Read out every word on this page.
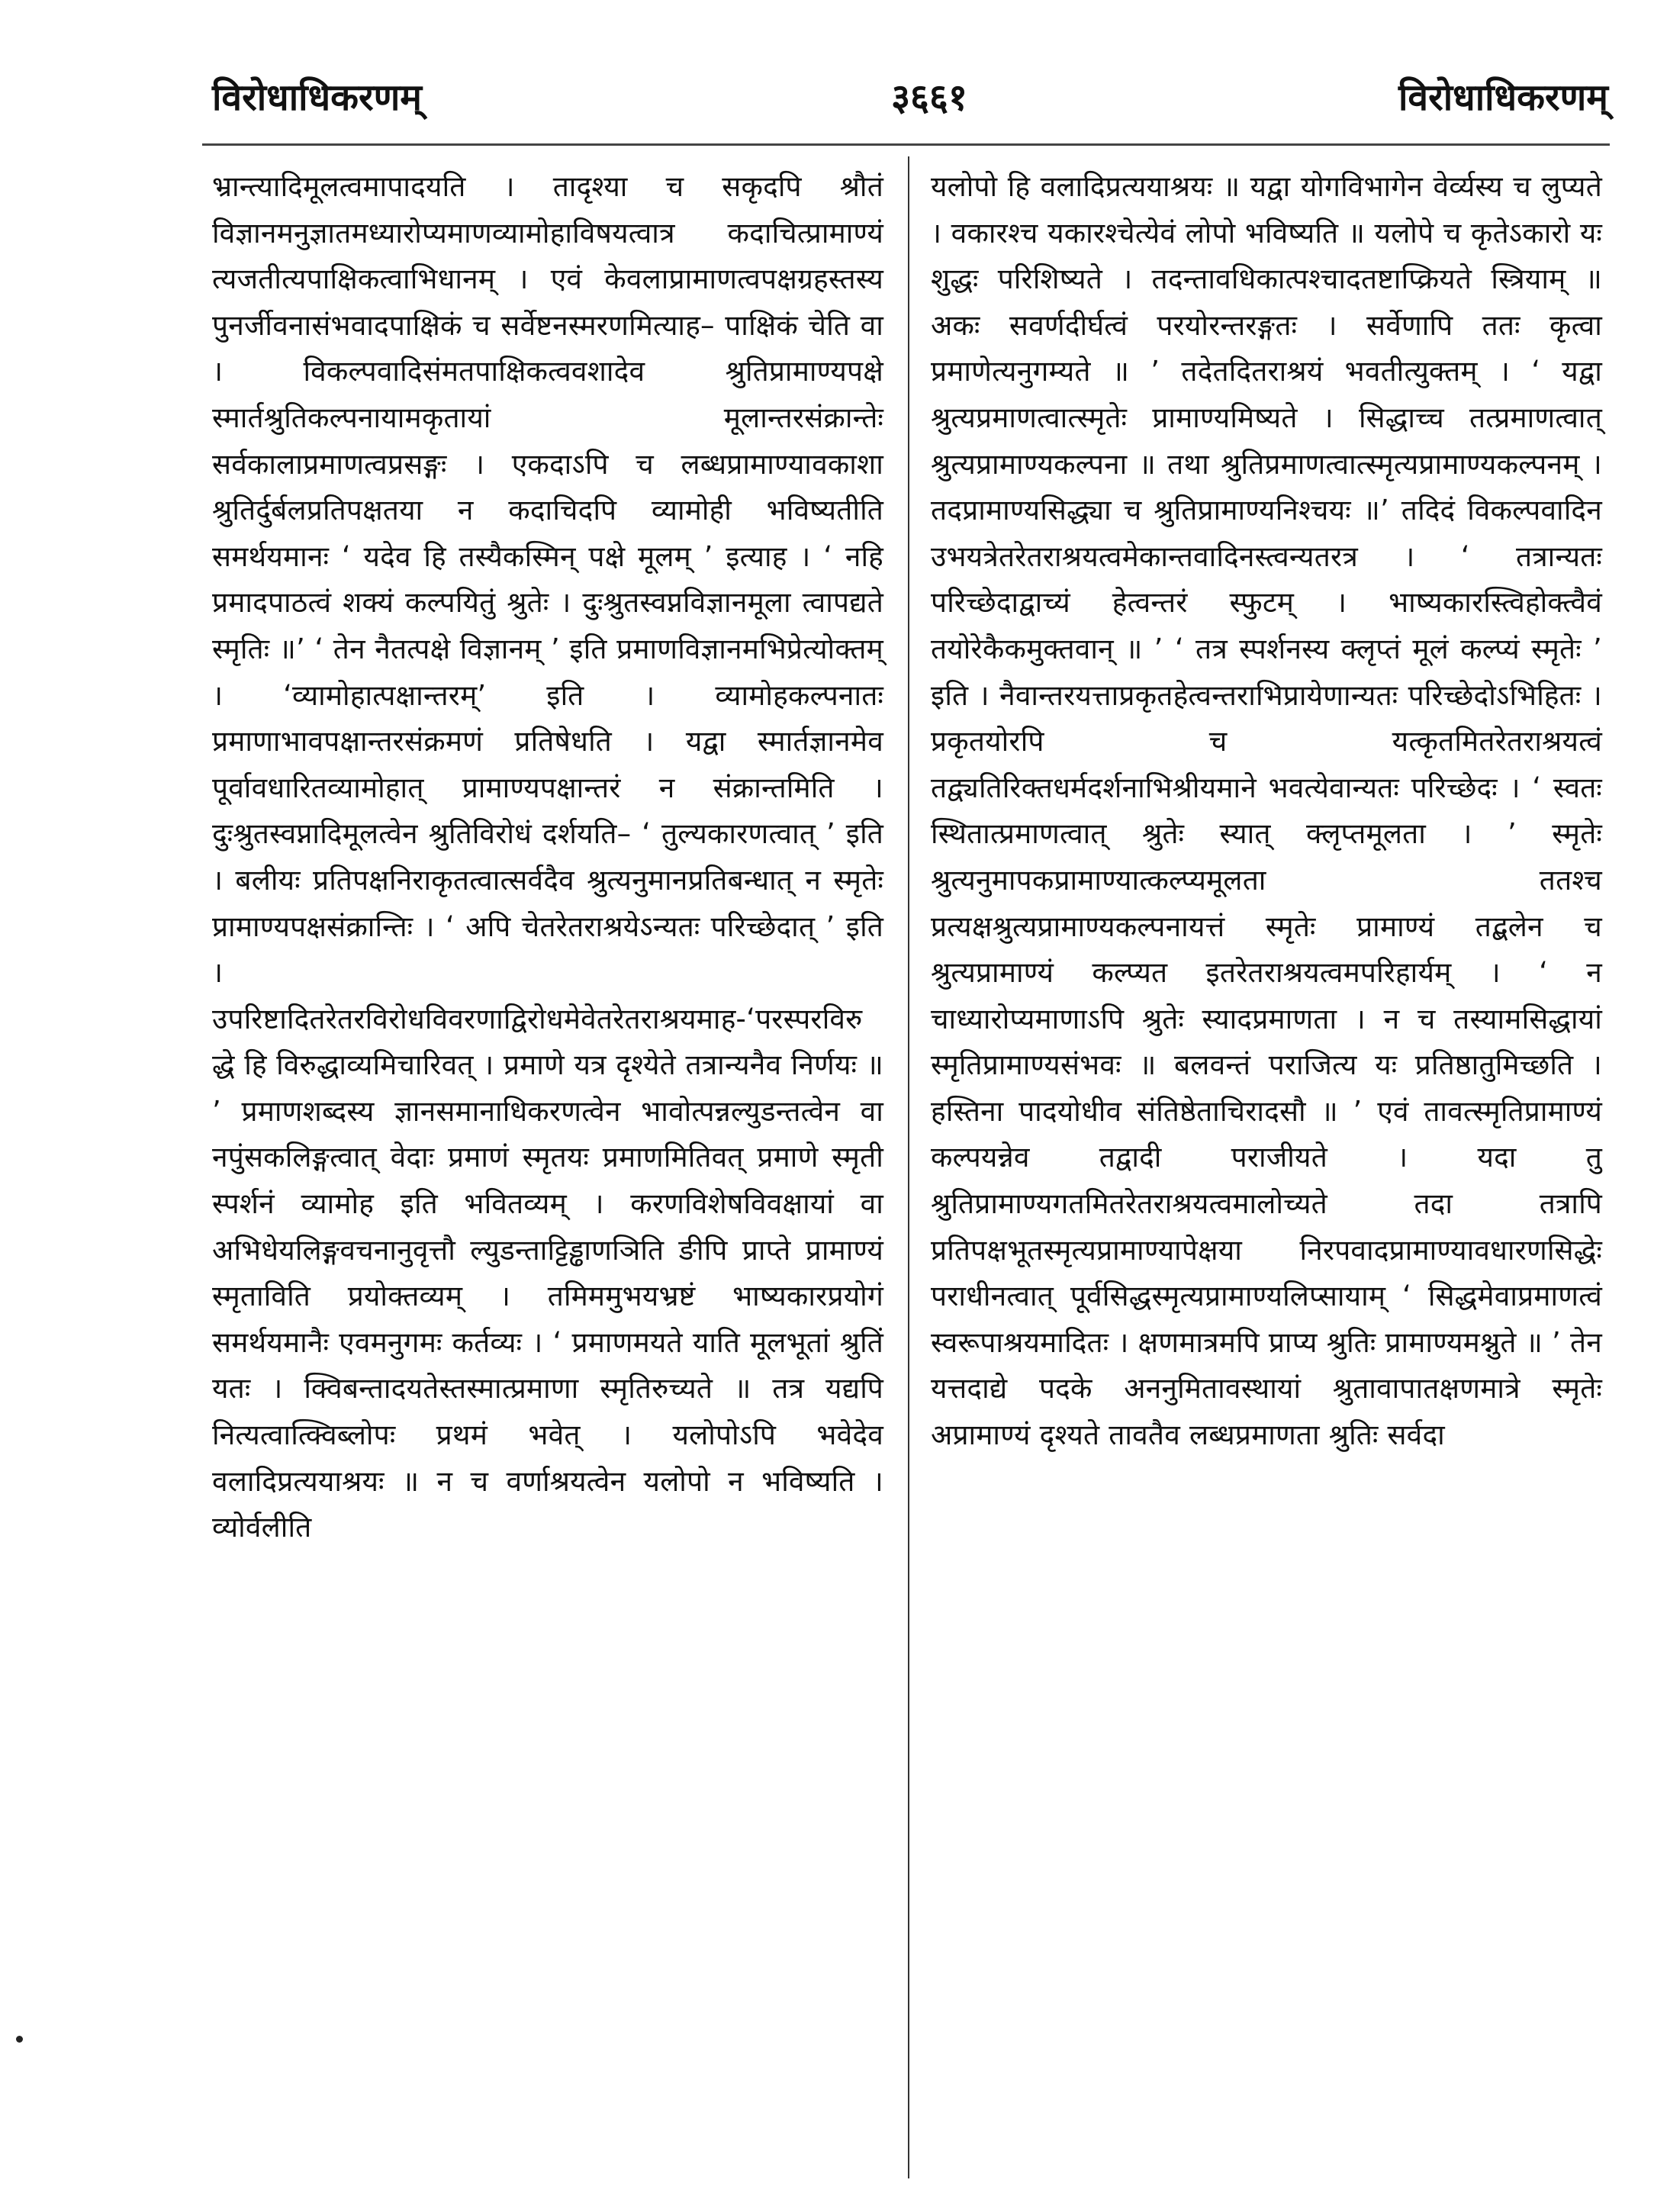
विरोधाधिकरणम्	३६६१	विरोधाधिकरणम्

भ्रान्त्यादिमूलत्वमापादयति । तादृश्या च सकृदपि श्रौतं विज्ञानमनुज्ञातमध्यारोप्यमाणव्यामोहाविषयत्वात्र कदाचित्प्रामाण्यं त्यजतीत्यपाक्षिकत्वाभिधानम् । एवं केवलाप्रामाणत्वपक्षग्रहस्तस्य पुनर्जीवनासंभवादपाक्षिकं च सर्वेष्टनस्मरणमित्याह– पाक्षिकं चेति वा । विकल्पवादिसंमतपाक्षिकत्ववशादेव श्रुतिप्रामाण्यपक्षे स्मार्तश्रुतिकल्पनायामकृतायां मूलान्तरसंक्रान्तेः सर्वकालाप्रमाणत्वप्रसङ्गः । एकदाऽपि च लब्धप्रामाण्यावकाशा श्रुतिर्दुर्बलप्रतिपक्षतया न कदाचिदपि व्यामोही भविष्यतीति समर्थयमानः ‘ यदेव हि तस्यैकस्मिन् पक्षे मूलम् ’ इत्याह । ‘ नहि प्रमादपाठत्वं शक्यं कल्पयितुं श्रुतेः । दुःश्रुतस्वप्नविज्ञानमूला त्वापद्यते स्मृतिः ॥’ ‘ तेन नैतत्पक्षे विज्ञानम् ’ इति प्रमाणविज्ञानमभिप्रेत्योक्तम् । ‘व्यामोहात्पक्षान्तरम्’ इति । व्यामोहकल्पनातः प्रमाणाभावपक्षान्तरसंक्रमणं प्रतिषेधति । यद्वा स्मार्तज्ञानमेव पूर्वावधारितव्यामोहात् प्रामाण्यपक्षान्तरं न संक्रान्तमिति । दुःश्रुतस्वप्नादिमूलत्वेन श्रुतिविरोधं दर्शयति– ‘ तुल्यकारणत्वात् ’ इति । बलीयः प्रतिपक्षनिराकृतत्वात्सर्वदैव श्रुत्यनुमानप्रतिबन्धात् न स्मृतेः प्रामाण्यपक्षसंक्रान्तिः । ‘ अपि चेतरेतराश्रयेऽन्यतः परिच्छेदात् ’ इति । उपरिष्टादितरेतरविरोधविवरणाद्विरोधमेवेतरेतराश्रयमाह-‘परस्परविरुद्धे हि विरुद्धाव्यमिचारिवत् । प्रमाणे यत्र दृश्येते तत्रान्यनैव निर्णयः ॥ ’ प्रमाणशब्दस्य ज्ञानसमानाधिकरणत्वेन भावोत्पन्नल्युडन्तत्वेन वा नपुंसकलिङ्गत्वात् वेदाः प्रमाणं स्मृतयः प्रमाणमितिवत् प्रमाणे स्मृती स्पर्शनं व्यामोह इति भवितव्यम् । करणविशेषविवक्षायां वा अभिधेयलिङ्गवचनानुवृत्तौ ल्युडन्ताट्टिड्ढाणञिति ङीपि प्राप्ते प्रामाण्यं स्मृताविति प्रयोक्तव्यम् । तमिममुभयभ्रष्टं भाष्यकारप्रयोगं समर्थयमानैः एवमनुगमः कर्तव्यः । ‘ प्रमाणमयते याति मूलभूतां श्रुतिं यतः । क्विबन्तादयतेस्तस्मात्प्रमाणा स्मृतिरुच्यते ॥ तत्र यद्यपि नित्यत्वात्क्विब्लोपः प्रथमं भवेत् । यलोपोऽपि भवेदेव वलादिप्रत्ययाश्रयः ॥ न च वर्णाश्रयत्वेन यलोपो न भविष्यति । व्योर्वलीति

यलोपो हि वलादिप्रत्ययाश्रयः ॥ यद्वा योगविभागेन वेर्व्यस्य च लुप्यते । वकारश्च यकारश्चेत्येवं लोपो भविष्यति ॥ यलोपे च कृतेऽकारो यः शुद्धः परिशिष्यते । तदन्तावधिकात्पश्चादतष्टाप्क्रियते स्त्रियाम् ॥ अकः सवर्णदीर्घत्वं परयोरन्तरङ्गतः । सर्वेणापि ततः कृत्वा प्रमाणेत्यनुगम्यते ॥ ’ तदेतदितराश्रयं भवतीत्युक्तम् । ‘ यद्वा श्रुत्यप्रमाणत्वात्स्मृतेः प्रामाण्यमिष्यते । सिद्धाच्च तत्प्रमाणत्वात् श्रुत्यप्रामाण्यकल्पना ॥ तथा श्रुतिप्रमाणत्वात्स्मृत्यप्रामाण्यकल्पनम् । तदप्रामाण्यसिद्ध्या च श्रुतिप्रामाण्यनिश्चयः ॥’ तदिदं विकल्पवादिन उभयत्रेतरेतराश्रयत्वमेकान्तवादिनस्त्वन्यतरत्र । ‘ तत्रान्यतः परिच्छेदाद्वाच्यं हेत्वन्तरं स्फुटम् । भाष्यकारस्त्विहोक्त्वैवं तयोरेकैकमुक्तवान् ॥ ’ ‘ तत्र स्पर्शनस्य क्लृप्तं मूलं कल्प्यं स्मृतेः ’ इति । नैवान्तरयत्ताप्रकृतहेत्वन्तराभिप्रायेणान्यतः परिच्छेदोऽभिहितः । प्रकृतयोरपि च यत्कृतमितरेतराश्रयत्वं तद्व्यतिरिक्तधर्मदर्शनाभिश्रीयमाने भवत्येवान्यतः परिच्छेदः । ‘ स्वतः स्थितात्प्रमाणत्वात् श्रुतेः स्यात् क्लृप्तमूलता । ’ स्मृतेः श्रुत्यनुमापकप्रामाण्यात्कल्प्यमूलता ततश्च प्रत्यक्षश्रुत्यप्रामाण्यकल्पनायत्तं स्मृतेः प्रामाण्यं तद्बलेन च श्रुत्यप्रामाण्यं कल्प्यत इतरेतराश्रयत्वमपरिहार्यम् । ‘ न चाध्यारोप्यमाणाऽपि श्रुतेः स्यादप्रमाणता । न च तस्यामसिद्धायां स्मृतिप्रामाण्यसंभवः ॥ बलवन्तं पराजित्य यः प्रतिष्ठातुमिच्छति । हस्तिना पादयोधीव संतिष्ठेताचिरादसौ ॥ ’ एवं तावत्स्मृतिप्रामाण्यं कल्पयन्नेव तद्वादी पराजीयते । यदा तु श्रुतिप्रामाण्यगतमितरेतराश्रयत्वमालोच्यते तदा तत्रापि प्रतिपक्षभूतस्मृत्यप्रामाण्यापेक्षया निरपवादप्रामाण्यावधारणसिद्धेः पराधीनत्वात् पूर्वसिद्धस्मृत्यप्रामाण्यलिप्सायाम् ‘ सिद्धमेवाप्रमाणत्वं स्वरूपाश्रयमादितः । क्षणमात्रमपि प्राप्य श्रुतिः प्रामाण्यमश्नुते ॥ ’ तेन यत्तदाद्ये पदके अननुमितावस्थायां श्रुतावापातक्षणमात्रे स्मृतेः अप्रामाण्यं दृश्यते तावतैव लब्धप्रमाणता श्रुतिः सर्वदा
